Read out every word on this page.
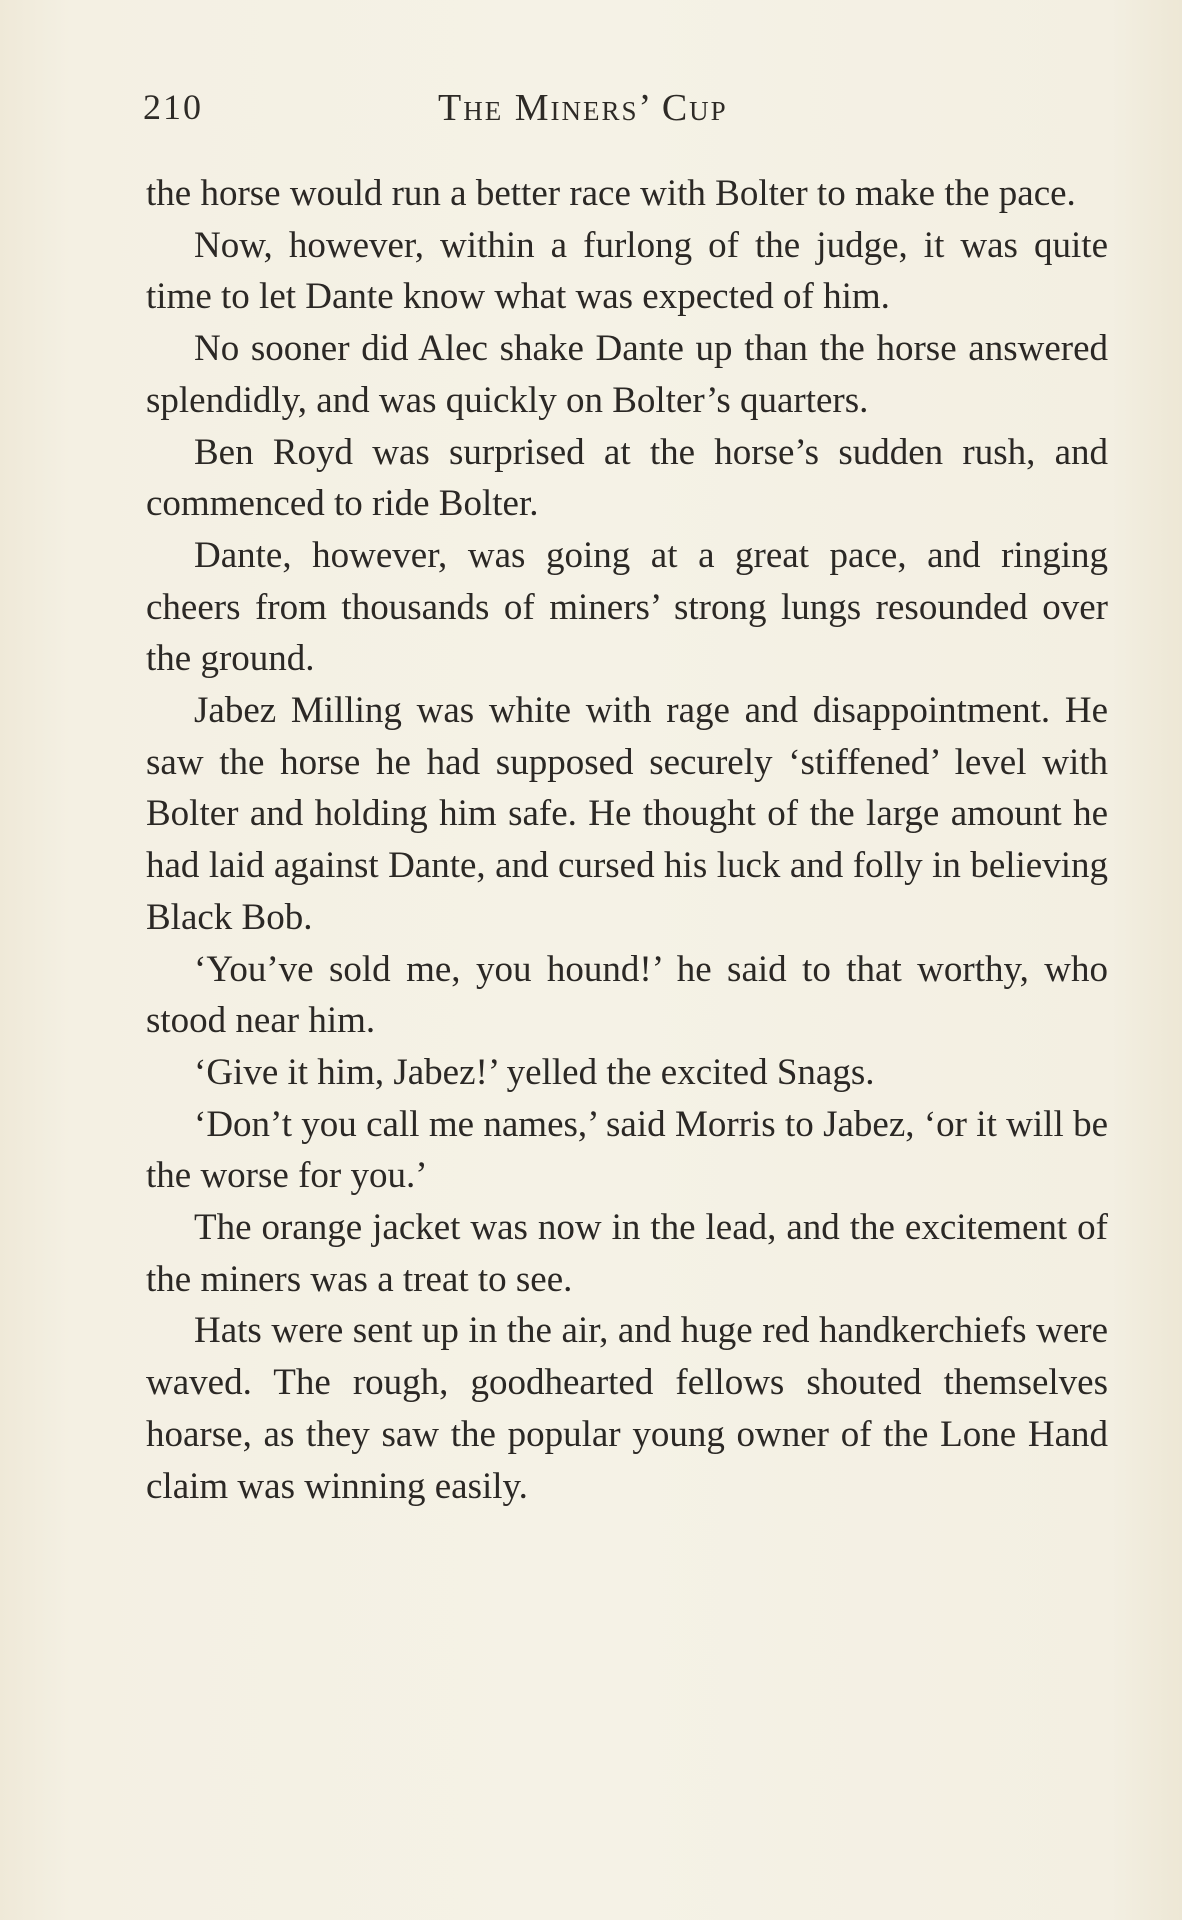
210	The Miners’ Cup

the horse would run a better race with Bolter to make the pace.

Now, however, within a furlong of the judge, it was quite time to let Dante know what was expected of him.

No sooner did Alec shake Dante up than the horse answered splendidly, and was quickly on Bolter’s quarters.

Ben Royd was surprised at the horse’s sudden rush, and commenced to ride Bolter.

Dante, however, was going at a great pace, and ringing cheers from thousands of miners’ strong lungs resounded over the ground.

Jabez Milling was white with rage and disappointment. He saw the horse he had supposed securely ‘stiffened’ level with Bolter and holding him safe. He thought of the large amount he had laid against Dante, and cursed his luck and folly in believing Black Bob.

‘You’ve sold me, you hound!’ he said to that worthy, who stood near him.

‘Give it him, Jabez!’ yelled the excited Snags.

‘Don’t you call me names,’ said Morris to Jabez, ‘or it will be the worse for you.’

The orange jacket was now in the lead, and the excitement of the miners was a treat to see.

Hats were sent up in the air, and huge red handkerchiefs were waved. The rough, goodhearted fellows shouted themselves hoarse, as they saw the popular young owner of the Lone Hand claim was winning easily.
